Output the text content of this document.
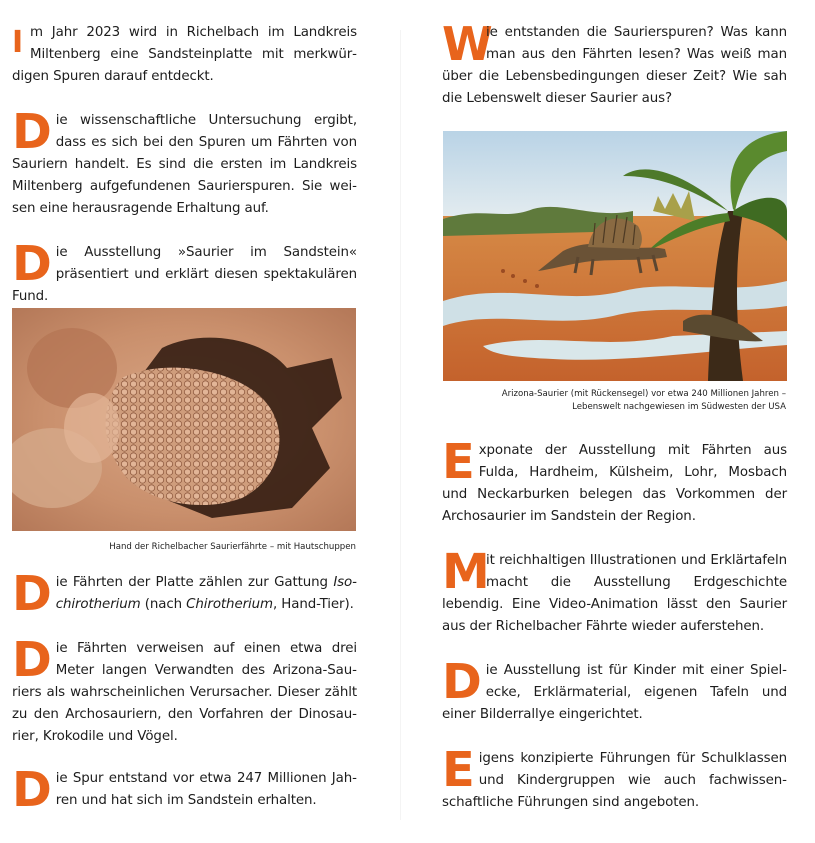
Im Jahr 2023 wird in Richelbach im Landkreis Miltenberg eine Sandsteinplatte mit merkwürdigen Spuren darauf entdeckt.

Die wissenschaftliche Untersuchung ergibt, dass es sich bei den Spuren um Fährten von Sauriern handelt. Es sind die ersten im Landkreis Miltenberg aufgefundenen Saurierspuren. Sie weisen eine herausragende Erhaltung auf.

Die Ausstellung »Saurier im Sandstein« präsentiert und erklärt diesen spektakulären Fund.

Hand der Richelbacher Saurierfährte – mit Hautschuppen

Die Fährten der Platte zählen zur Gattung Isochirotherium (nach Chirotherium, Hand-Tier).

Die Fährten verweisen auf einen etwa drei Meter langen Verwandten des Arizona-Sauriers als wahrscheinlichen Verursacher. Dieser zählt zu den Archosauriern, den Vorfahren der Dinosaurier, Krokodile und Vögel.

Die Spur entstand vor etwa 247 Millionen Jahren und hat sich im Sandstein erhalten.

W
ie entstanden die Saurierspuren? Was kann man aus den Fährten lesen? Was weiß man über die Lebensbedingungen dieser Zeit? Wie sah die Lebenswelt dieser Saurier aus?

Arizona-Saurier (mit Rückensegel) vor etwa 240 Millionen Jahren –
Lebenswelt nachgewiesen im Südwesten der USA

Exponate der Ausstellung mit Fährten aus Fulda, Hardheim, Külsheim, Lohr, Mosbach und Neckarburken belegen das Vorkommen der Archosaurier im Sandstein der Region.

M
it reichhaltigen Illustrationen und Erklärtafeln macht die Ausstellung Erdgeschichte lebendig. Eine Video-Animation lässt den Saurier aus der Richelbacher Fährte wieder auferstehen.

Die Ausstellung ist für Kinder mit einer Spielecke, Erklärmaterial, eigenen Tafeln und einer Bilderrallye eingerichtet.

Eigens konzipierte Führungen für Schulklassen und Kindergruppen wie auch fachwissenschaftliche Führungen sind angeboten.
